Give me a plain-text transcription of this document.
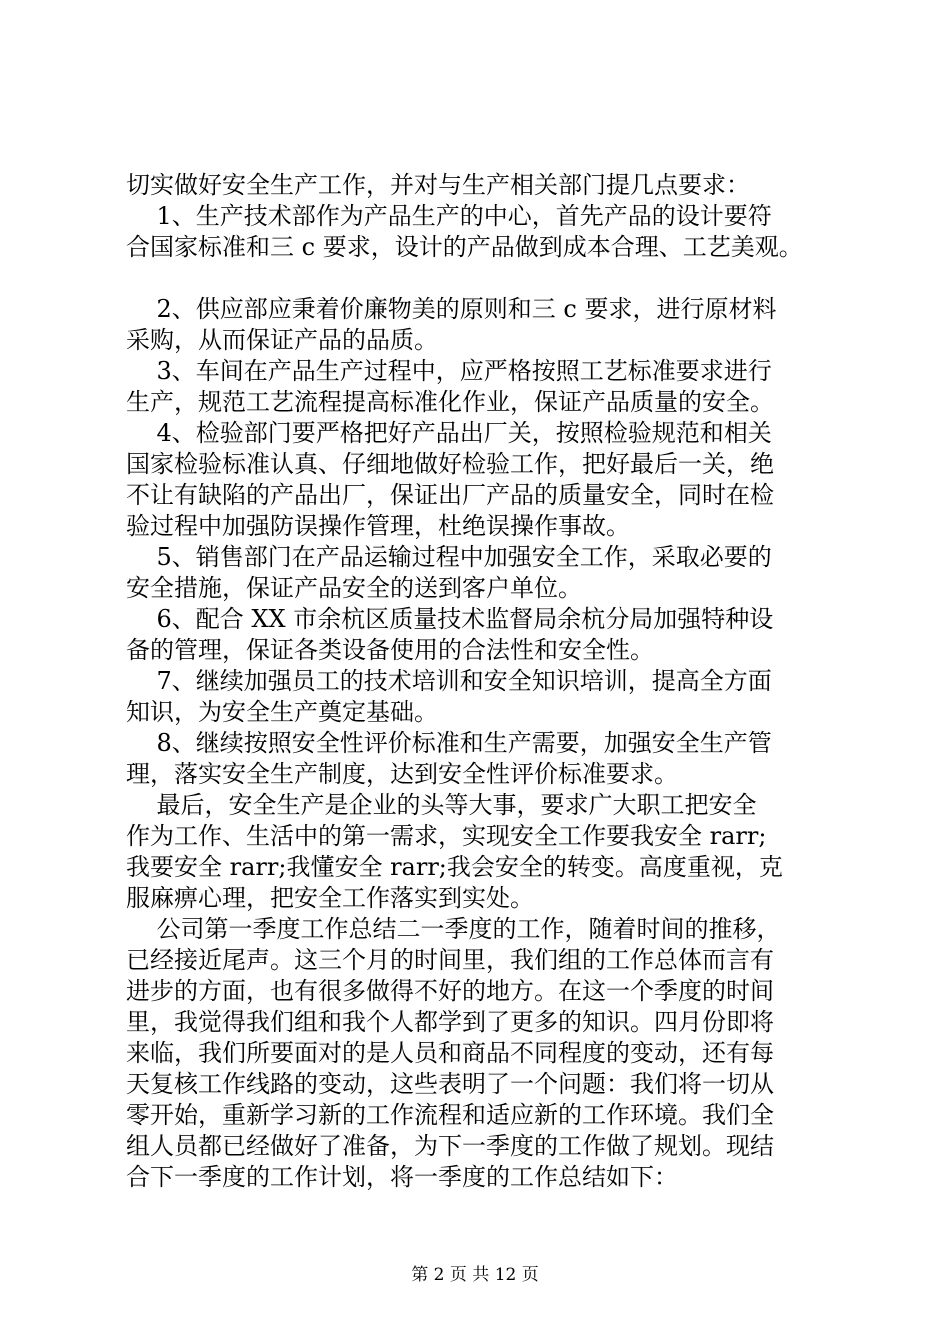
切实做好安全生产工作，并对与生产相关部门提几点要求：

1、生产技术部作为产品生产的中心，首先产品的设计要符

合国家标准和三 c 要求，设计的产品做到成本合理、工艺美观。

2、供应部应秉着价廉物美的原则和三 c 要求，进行原材料

采购，从而保证产品的品质。

3、车间在产品生产过程中，应严格按照工艺标准要求进行

生产，规范工艺流程提高标准化作业，保证产品质量的安全。

4、检验部门要严格把好产品出厂关，按照检验规范和相关

国家检验标准认真、仔细地做好检验工作，把好最后一关，绝

不让有缺陷的产品出厂，保证出厂产品的质量安全，同时在检

验过程中加强防误操作管理，杜绝误操作事故。

5、销售部门在产品运输过程中加强安全工作，采取必要的

安全措施，保证产品安全的送到客户单位。

6、配合 XX 市余杭区质量技术监督局余杭分局加强特种设

备的管理，保证各类设备使用的合法性和安全性。

7、继续加强员工的技术培训和安全知识培训，提高全方面

知识，为安全生产奠定基础。

8、继续按照安全性评价标准和生产需要，加强安全生产管

理，落实安全生产制度，达到安全性评价标准要求。

最后，安全生产是企业的头等大事，要求广大职工把安全

作为工作、生活中的第一需求，实现安全工作要我安全 rarr;

我要安全 rarr;我懂安全 rarr;我会安全的转变。高度重视，克

服麻痹心理，把安全工作落实到实处。

公司第一季度工作总结二一季度的工作，随着时间的推移，

已经接近尾声。这三个月的时间里，我们组的工作总体而言有

进步的方面，也有很多做得不好的地方。在这一个季度的时间

里，我觉得我们组和我个人都学到了更多的知识。四月份即将

来临，我们所要面对的是人员和商品不同程度的变动，还有每

天复核工作线路的变动，这些表明了一个问题：我们将一切从

零开始，重新学习新的工作流程和适应新的工作环境。我们全

组人员都已经做好了准备，为下一季度的工作做了规划。现结

合下一季度的工作计划，将一季度的工作总结如下：

第 2 页 共 12 页
